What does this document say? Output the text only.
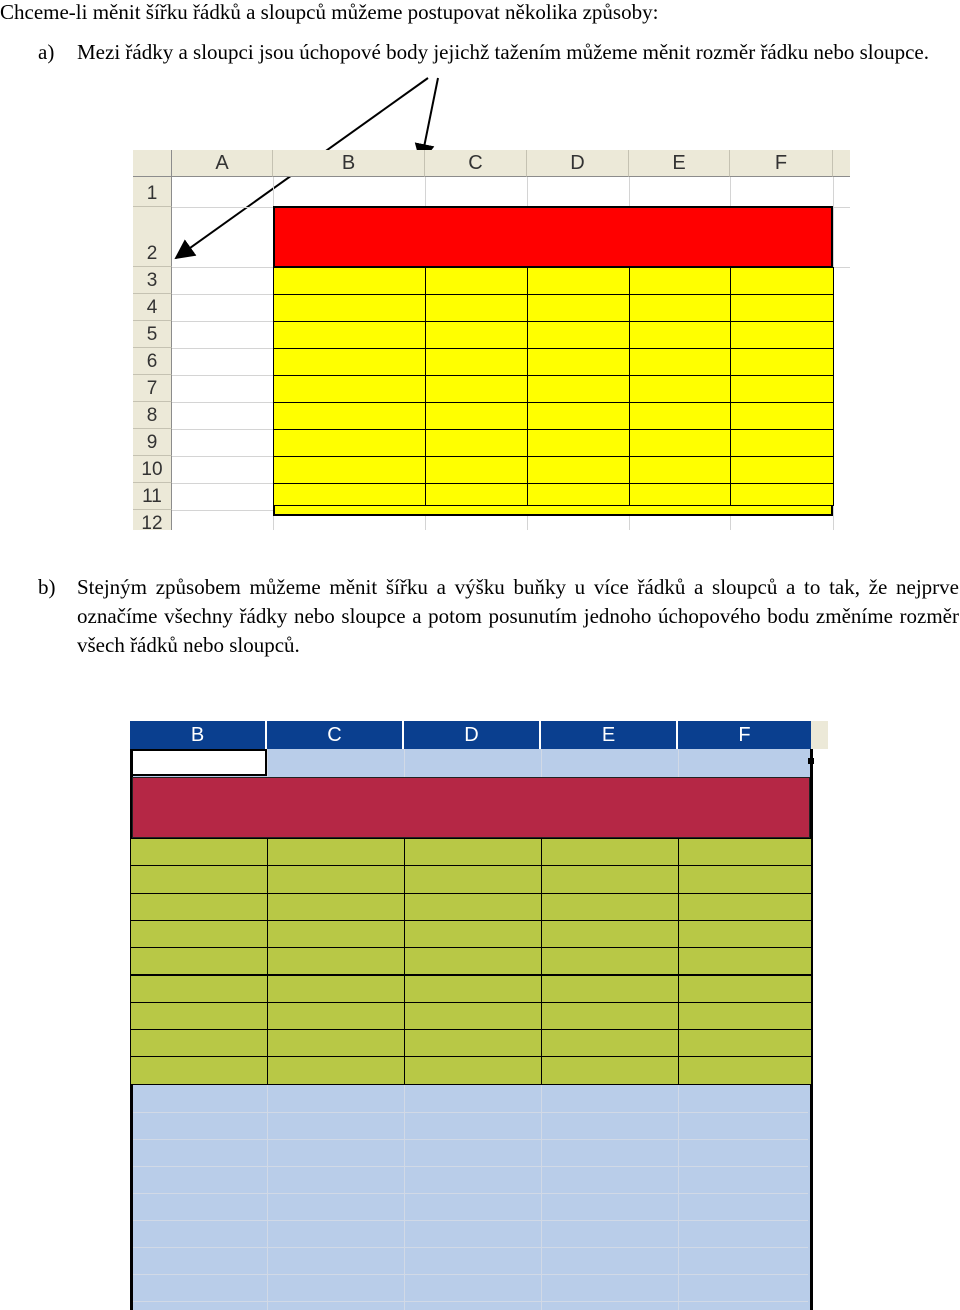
Chceme-li měnit šířku řádků a sloupců můžeme postupovat několika způsoby:
a) Mezi řádky a sloupci jsou úchopové body jejichž tažením můžeme měnit rozměr řádku nebo sloupce.
A	B	C	D	E	F
1
2
3
4
5
6
7
8
9
10
11
12
b) Stejným způsobem můžeme měnit šířku a výšku buňky u více řádků a sloupců a to tak, že nejprve označíme všechny řádky nebo sloupce a potom posunutím jednoho úchopového bodu změníme rozměr všech řádků nebo sloupců.
B	C	D	E	F
